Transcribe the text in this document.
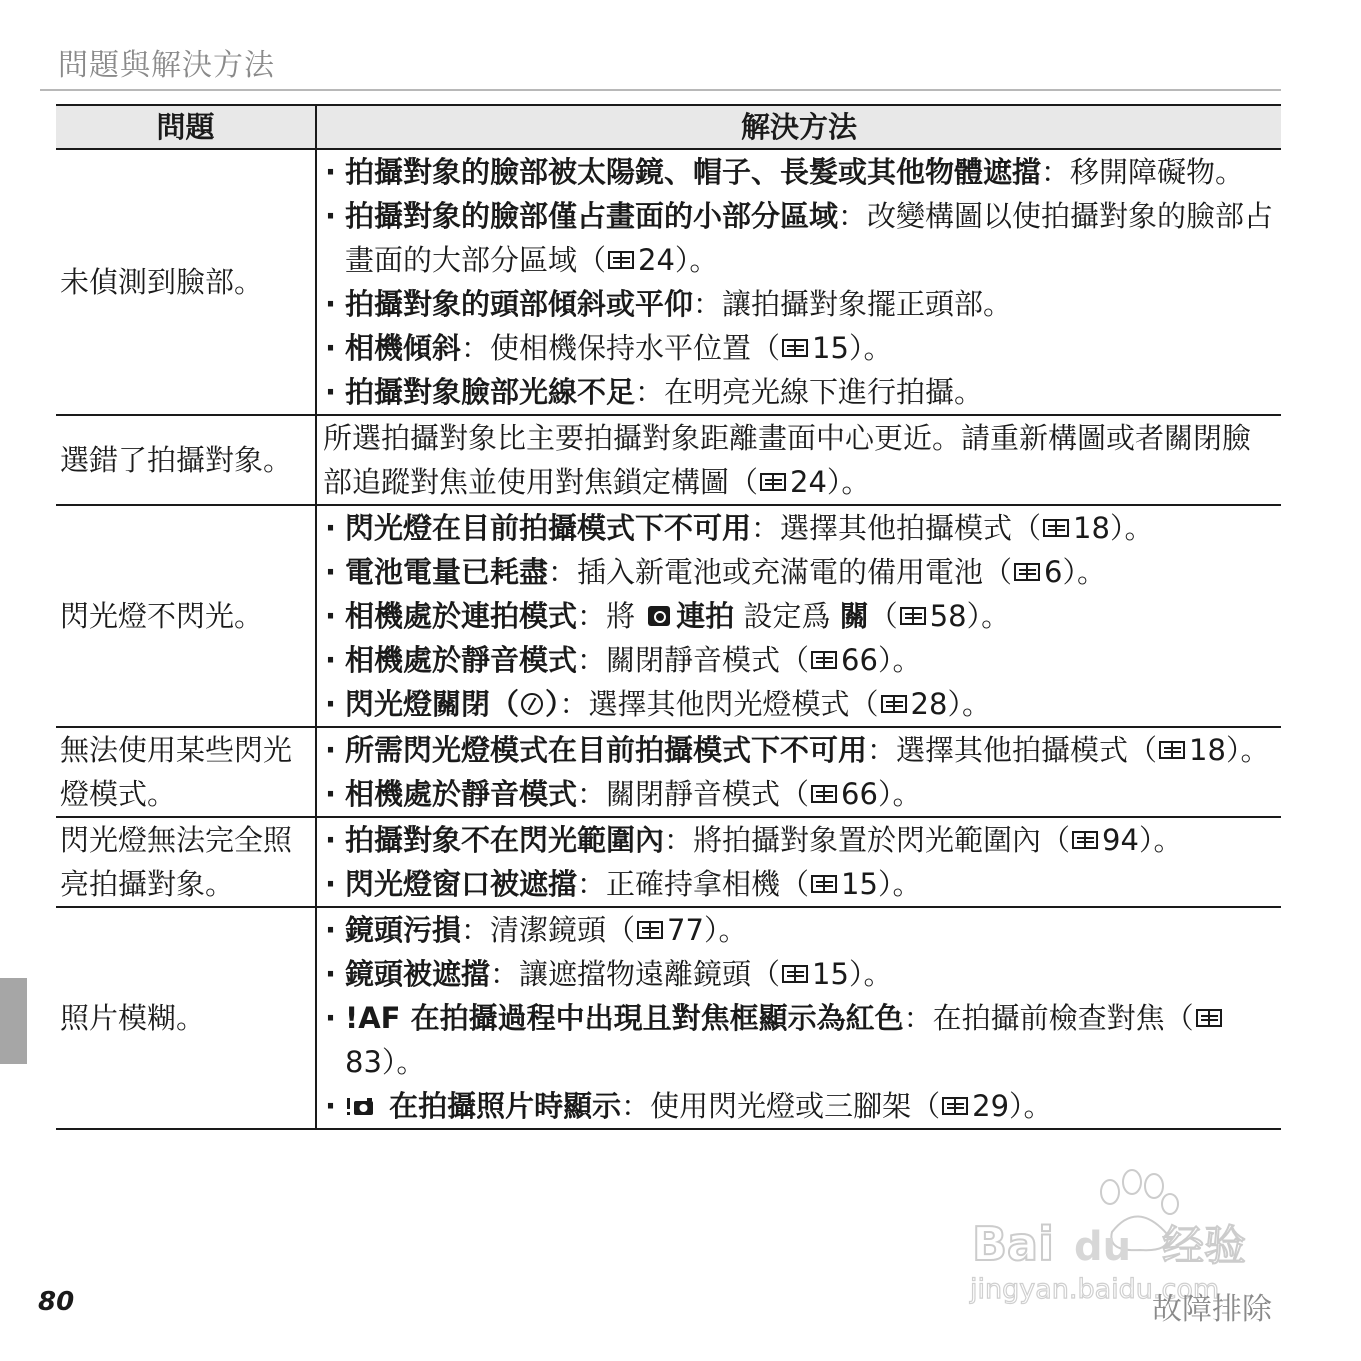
問題與解決方法
問題	解決方法
未偵測到臉部。	· 拍攝對象的臉部被太陽鏡、帽子、長髮或其他物體遮擋：移開障礙物。
· 拍攝對象的臉部僅占畫面的小部分區域：改變構圖以使拍攝對象的臉部占畫面的大部分區域（ 24）。
· 拍攝對象的頭部傾斜或平仰：讓拍攝對象擺正頭部。
· 相機傾斜：使相機保持水平位置（ 15）。
· 拍攝對象臉部光線不足：在明亮光線下進行拍攝。

選錯了拍攝對象。	所選拍攝對象比主要拍攝對象距離畫面中心更近。請重新構圖或者關閉臉部追蹤對焦並使用對焦鎖定構圖（ 24）。
閃光燈不閃光。	· 閃光燈在目前拍攝模式下不可用：選擇其他拍攝模式（ 18）。
· 電池電量已耗盡：插入新電池或充滿電的備用電池（ 6）。
· 相機處於連拍模式：將 連拍 設定爲 關（ 58）。
· 相機處於靜音模式：關閉靜音模式（ 66）。
· 閃光燈關閉（ ）：選擇其他閃光燈模式（ 28）。

無法使用某些閃光燈模式。	· 所需閃光燈模式在目前拍攝模式下不可用：選擇其他拍攝模式（ 18）。
· 相機處於靜音模式：關閉靜音模式（ 66）。

閃光燈無法完全照亮拍攝對象。	· 拍攝對象不在閃光範圍內：將拍攝對象置於閃光範圍內（ 94）。
· 閃光燈窗口被遮擋：正確持拿相機（ 15）。

照片模糊。	· 鏡頭污損：清潔鏡頭（ 77）。
· 鏡頭被遮擋：讓遮擋物遠離鏡頭（ 15）。
· !AF 在拍攝過程中出現且對焦框顯示為紅色：在拍攝前檢查對焦（83）。
· 在拍攝照片時顯示：使用閃光燈或三腳架（ 29）。
Bai du 经验
jingyan.baidu.com
80	故障排除
